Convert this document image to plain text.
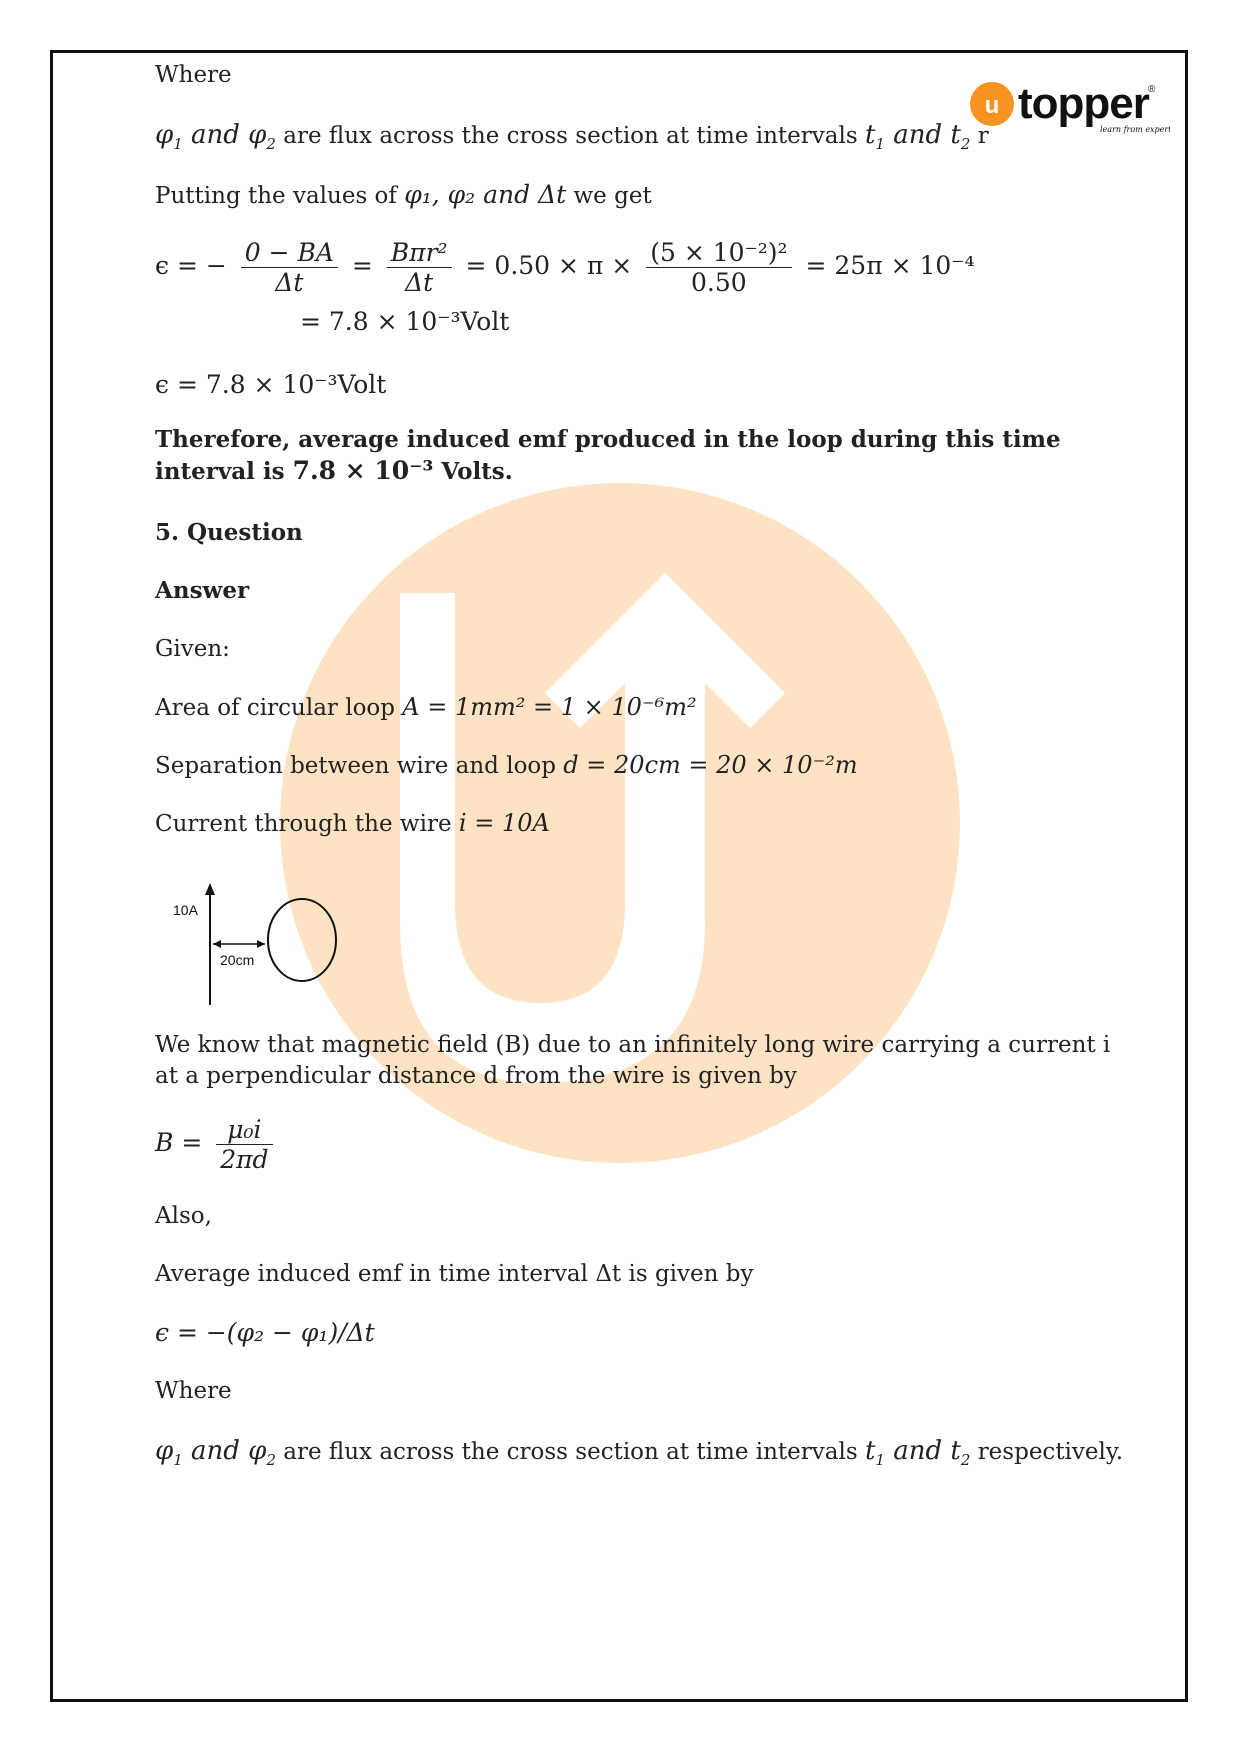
u topper ®
learn from experts
Where
$\varphi_1$ and $\varphi_2$ are flux across the cross section at time intervals $t_1$ and $t_2$ r
Putting the values of φ₁, φ₂ and Δt we get
ϵ = − $\frac{0 - BA}{\Delta t} = \frac{\text{Bπr²}}{\Delta t} = 0.50 \times \pi \times \frac{\text{(5 × 10⁻²)²}}{0.50} = 25\pi \times 10^{-4}$
= 7.8 × 10⁻³Volt
ϵ = 7.8 × 10⁻³Volt
Therefore, average induced emf produced in the loop during this time
interval is 7.8 × 10⁻³ Volts.
5. Question
Answer
Given:
Area of circular loop A = 1mm² = 1 × 10⁻⁶m²
Separation between wire and loop d = 20cm = 20 × 10⁻²m
Current through the wire i = 10A
10A
20cm
We know that magnetic field (B) due to an infinitely long wire carrying a current i
at a perpendicular distance d from the wire is given by
$B = \frac{\text{μ₀i}}{2\pi d}$
Also,
Average induced emf in time interval Δt is given by
ϵ = −(φ₂ − φ₁)/Δt
Where
$\varphi_1$ and $\varphi_2$ are flux across the cross section at time intervals $t_1$ and $t_2$ respectively.
